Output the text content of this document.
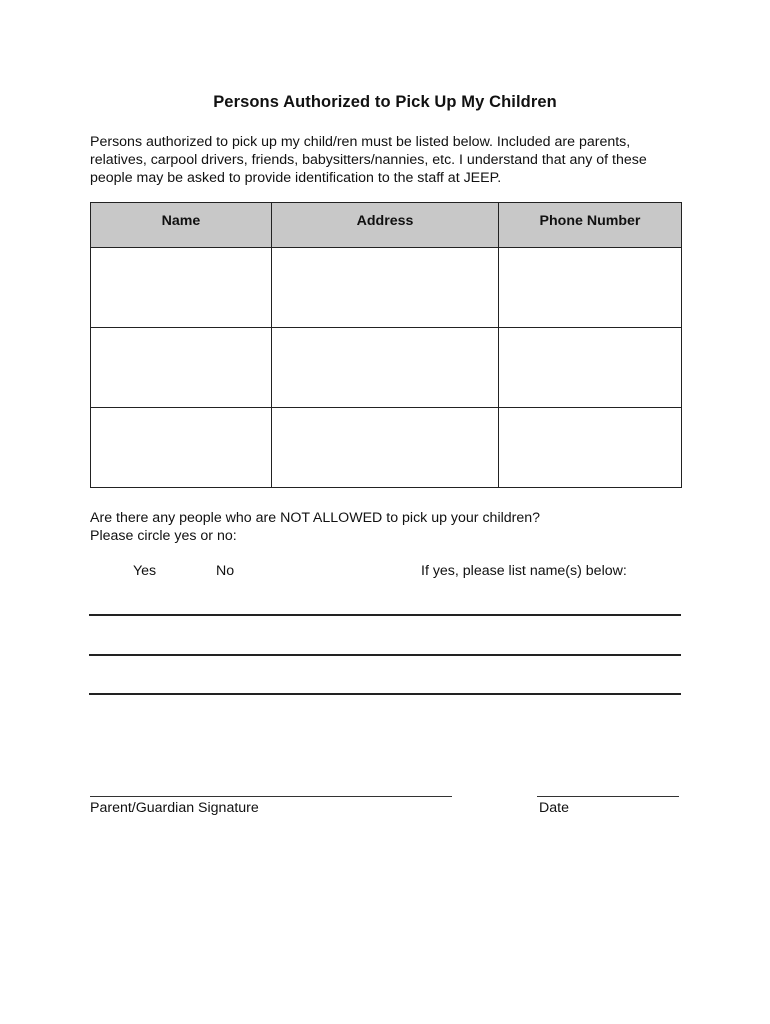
Persons Authorized to Pick Up My Children

Persons authorized to pick up my child/ren must be listed below. Included are parents,

relatives, carpool drivers, friends, babysitters/nannies, etc. I understand that any of these

people may be asked to provide identification to the staff at JEEP.

Name	Address	Phone Number

Are there any people who are NOT ALLOWED to pick up your children?

Please circle yes or no:

Yes	No	If yes, please list name(s) below:
Parent/Guardian Signature	Date
